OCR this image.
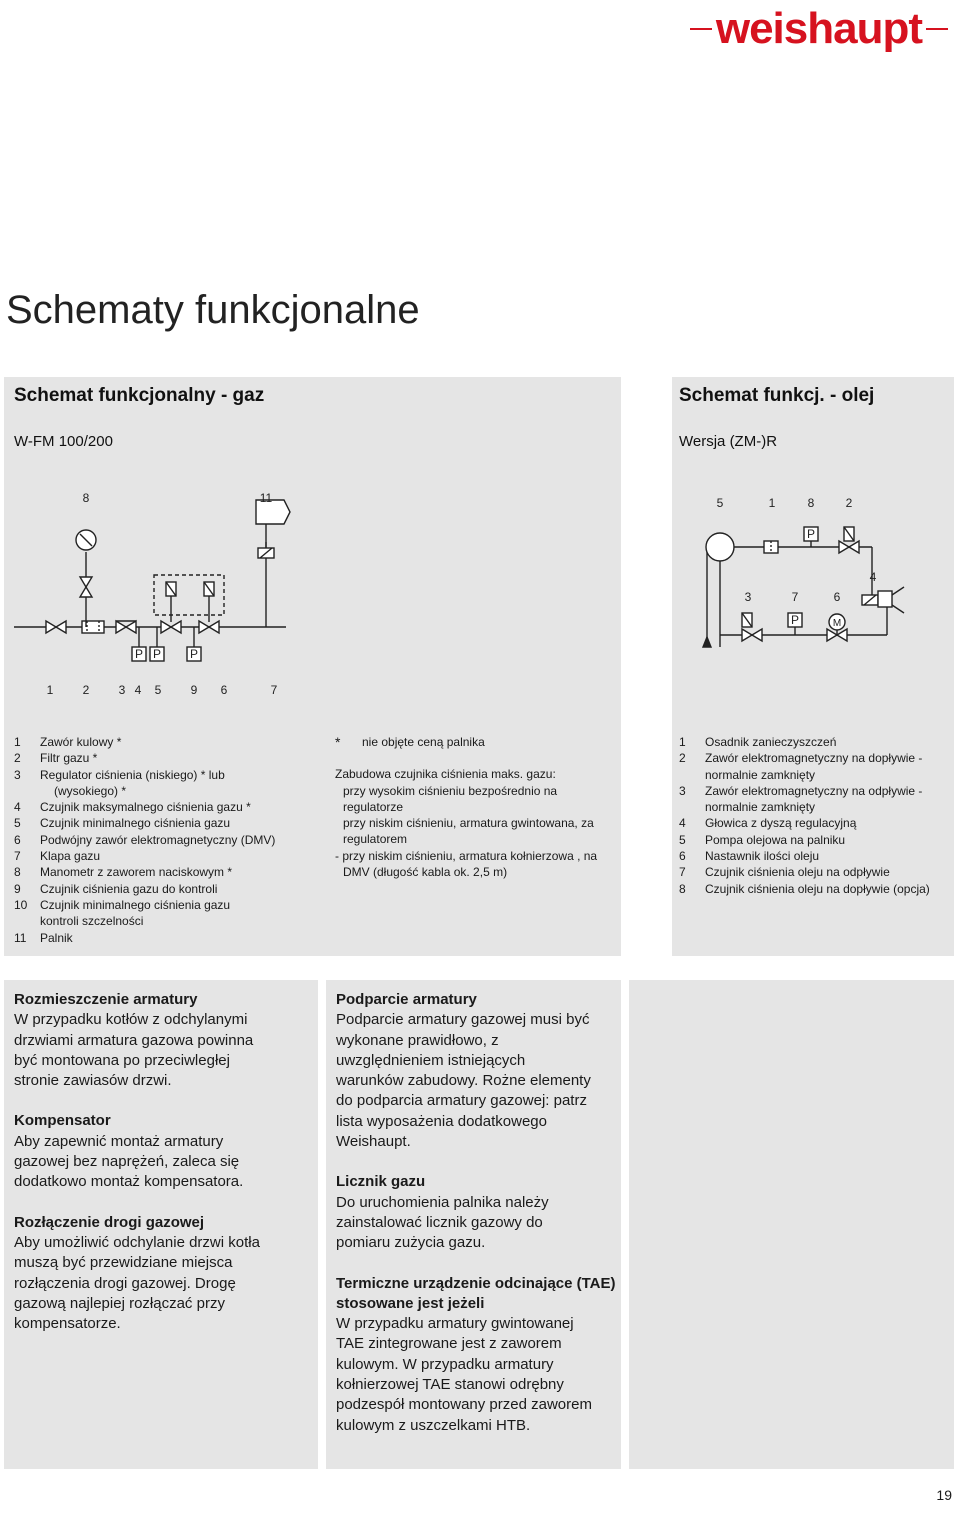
weishaupt
Schematy funkcjonalne
Schemat funkcjonalny - gaz

W-FM 100/200

P P P
8	11
1 2 3 4 5 9 6	7
1	Zawór kulowy *
2	Filtr gazu *
3	Regulator ciśnienia (niskiego) * lub
(wysokiego) *
4	Czujnik maksymalnego ciśnienia gazu *
5	Czujnik minimalnego ciśnienia gazu
6	Podwójny zawór elektromagnetyczny (DMV)
7	Klapa gazu
8	Manometr z zaworem naciskowym *
9	Czujnik ciśnienia gazu do kontroli
10	Czujnik minimalnego ciśnienia gazu
kontroli szczelności
11	Palnik
*	nie objęte ceną palnika
Zabudowa czujnika ciśnienia maks. gazu:
przy wysokim ciśnieniu bezpośrednio na
regulatorze
przy niskim ciśnieniu, armatura gwintowana, za
regulatorem
- przy niskim ciśnieniu, armatura kołnierzowa , na
DMV (długość kabla ok. 2,5 m)
Schemat funkcj. - olej

Wersja (ZM-)R

P
P	M
5	1	8	2
3	7	6
4
1	Osadnik zanieczyszczeń
2	Zawór elektromagnetyczny na dopływie -
normalnie zamknięty
3	Zawór elektromagnetyczny na odpływie -
normalnie zamknięty
4	Głowica z dyszą regulacyjną
5	Pompa olejowa na palniku
6	Nastawnik ilości oleju
7	Czujnik ciśnienia oleju na odpływie
8	Czujnik ciśnienia oleju na dopływie (opcja)
Rozmieszczenie armatury

W przypadku kotłów z odchylanymi

drzwiami armatura gazowa powinna

być montowana po przeciwległej

stronie zawiasów drzwi.

Kompensator

Aby zapewnić montaż armatury

gazowej bez naprężeń, zaleca się

dodatkowo montaż kompensatora.

Rozłączenie drogi gazowej

Aby umożliwić odchylanie drzwi kotła

muszą być przewidziane miejsca

rozłączenia drogi gazowej. Drogę

gazową najlepiej rozłączać przy

kompensatorze.

Podparcie armatury

Podparcie armatury gazowej musi być

wykonane prawidłowo, z

uwzględnieniem istniejących

warunków zabudowy. Rożne elementy

do podparcia armatury gazowej: patrz

lista wyposażenia dodatkowego

Weishaupt.

Licznik gazu

Do uruchomienia palnika należy

zainstalować licznik gazowy do

pomiaru zużycia gazu.

Termiczne urządzenie odcinające (TAE) stosowane jest jeżeli

W przypadku armatury gwintowanej

TAE zintegrowane jest z zaworem

kulowym. W przypadku armatury

kołnierzowej TAE stanowi odrębny

podzespół montowany przed zaworem

kulowym z uszczelkami HTB.

19
